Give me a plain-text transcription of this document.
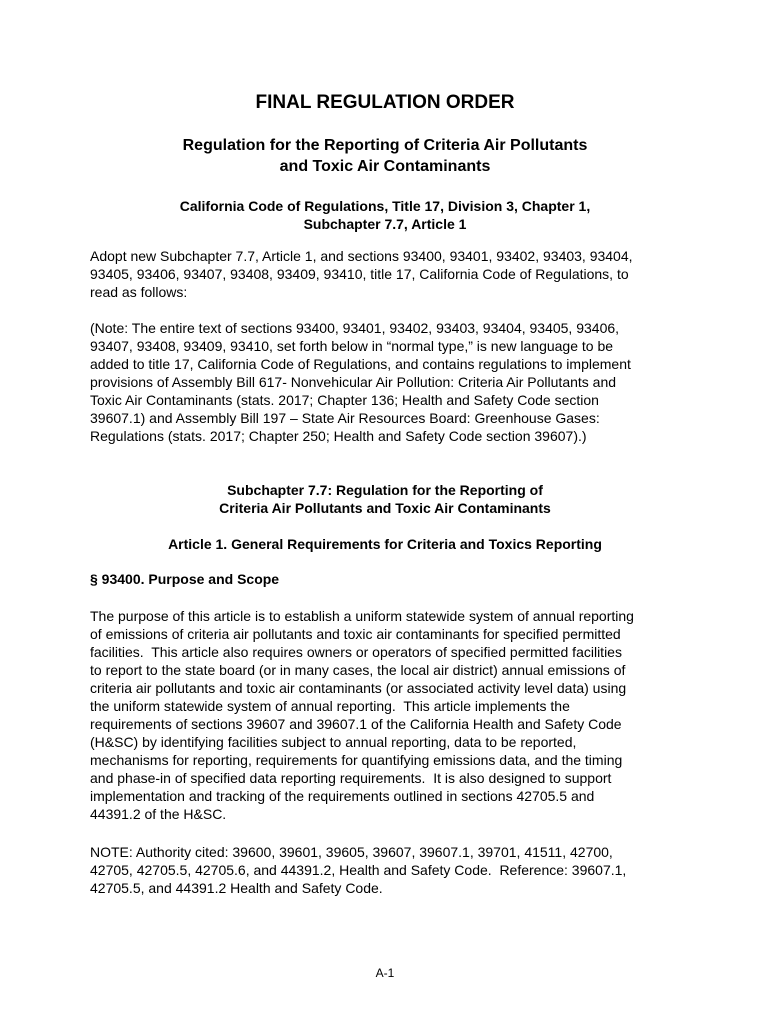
FINAL REGULATION ORDER
Regulation for the Reporting of Criteria Air Pollutants
and Toxic Air Contaminants
California Code of Regulations, Title 17, Division 3, Chapter 1,
Subchapter 7.7, Article 1
Adopt new Subchapter 7.7, Article 1, and sections 93400, 93401, 93402, 93403, 93404,
93405, 93406, 93407, 93408, 93409, 93410, title 17, California Code of Regulations, to
read as follows:
(Note: The entire text of sections 93400, 93401, 93402, 93403, 93404, 93405, 93406,
93407, 93408, 93409, 93410, set forth below in “normal type,” is new language to be
added to title 17, California Code of Regulations, and contains regulations to implement
provisions of Assembly Bill 617- Nonvehicular Air Pollution: Criteria Air Pollutants and
Toxic Air Contaminants (stats. 2017; Chapter 136; Health and Safety Code section
39607.1) and Assembly Bill 197 – State Air Resources Board: Greenhouse Gases:
Regulations (stats. 2017; Chapter 250; Health and Safety Code section 39607).)
Subchapter 7.7: Regulation for the Reporting of
Criteria Air Pollutants and Toxic Air Contaminants
Article 1. General Requirements for Criteria and Toxics Reporting
§ 93400. Purpose and Scope
The purpose of this article is to establish a uniform statewide system of annual reporting
of emissions of criteria air pollutants and toxic air contaminants for specified permitted
facilities.  This article also requires owners or operators of specified permitted facilities
to report to the state board (or in many cases, the local air district) annual emissions of
criteria air pollutants and toxic air contaminants (or associated activity level data) using
the uniform statewide system of annual reporting.  This article implements the
requirements of sections 39607 and 39607.1 of the California Health and Safety Code
(H&SC) by identifying facilities subject to annual reporting, data to be reported,
mechanisms for reporting, requirements for quantifying emissions data, and the timing
and phase-in of specified data reporting requirements.  It is also designed to support
implementation and tracking of the requirements outlined in sections 42705.5 and
44391.2 of the H&SC.
NOTE: Authority cited: 39600, 39601, 39605, 39607, 39607.1, 39701, 41511, 42700,
42705, 42705.5, 42705.6, and 44391.2, Health and Safety Code.  Reference: 39607.1,
42705.5, and 44391.2 Health and Safety Code.
A-1
